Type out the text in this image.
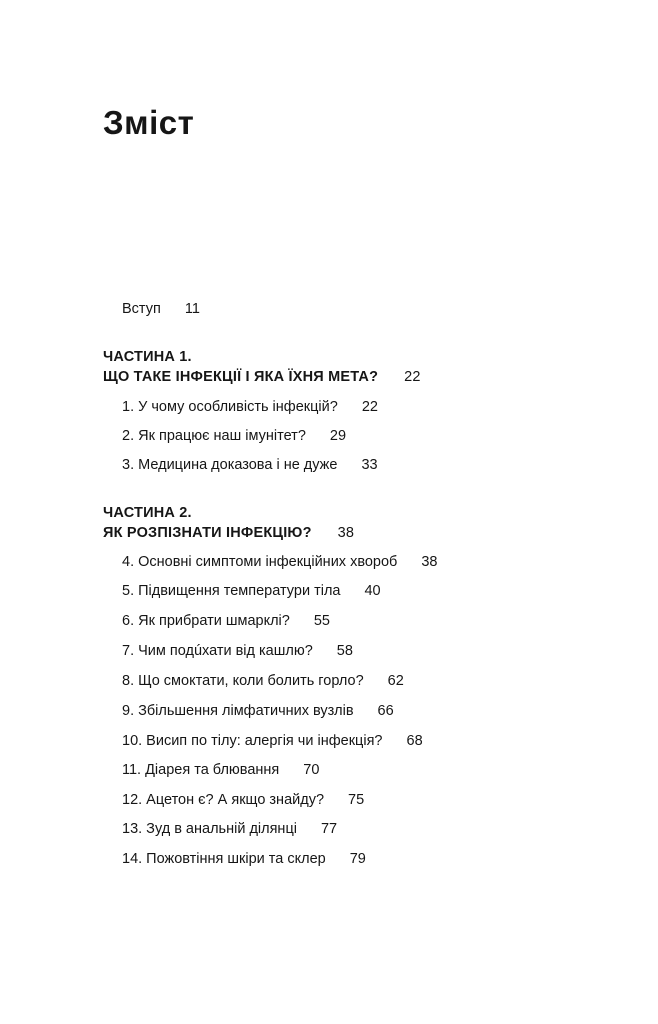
Зміст
Вступ 11
ЧАСТИНА 1.
ЩО ТАКЕ ІНФЕКЦІЇ І ЯКА ЇХНЯ МЕТА? 22
1. У чому особливість інфекцій? 22
2. Як працює наш імунітет? 29
3. Медицина доказова і не дуже 33
ЧАСТИНА 2.
ЯК РОЗПІЗНАТИ ІНФЕКЦІЮ? 38
4. Основні симптоми інфекційних хвороб 38
5. Підвищення температури тіла 40
6. Як прибрати шмарклі? 55
7. Чим подúхати від кашлю? 58
8. Що смоктати, коли болить горло? 62
9. Збільшення лімфатичних вузлів 66
10. Висип по тілу: алергія чи інфекція? 68
11. Діарея та блювання 70
12. Ацетон є? А якщо знайду? 75
13. Зуд в анальній ділянці 77
14. Пожовтіння шкіри та склер 79
